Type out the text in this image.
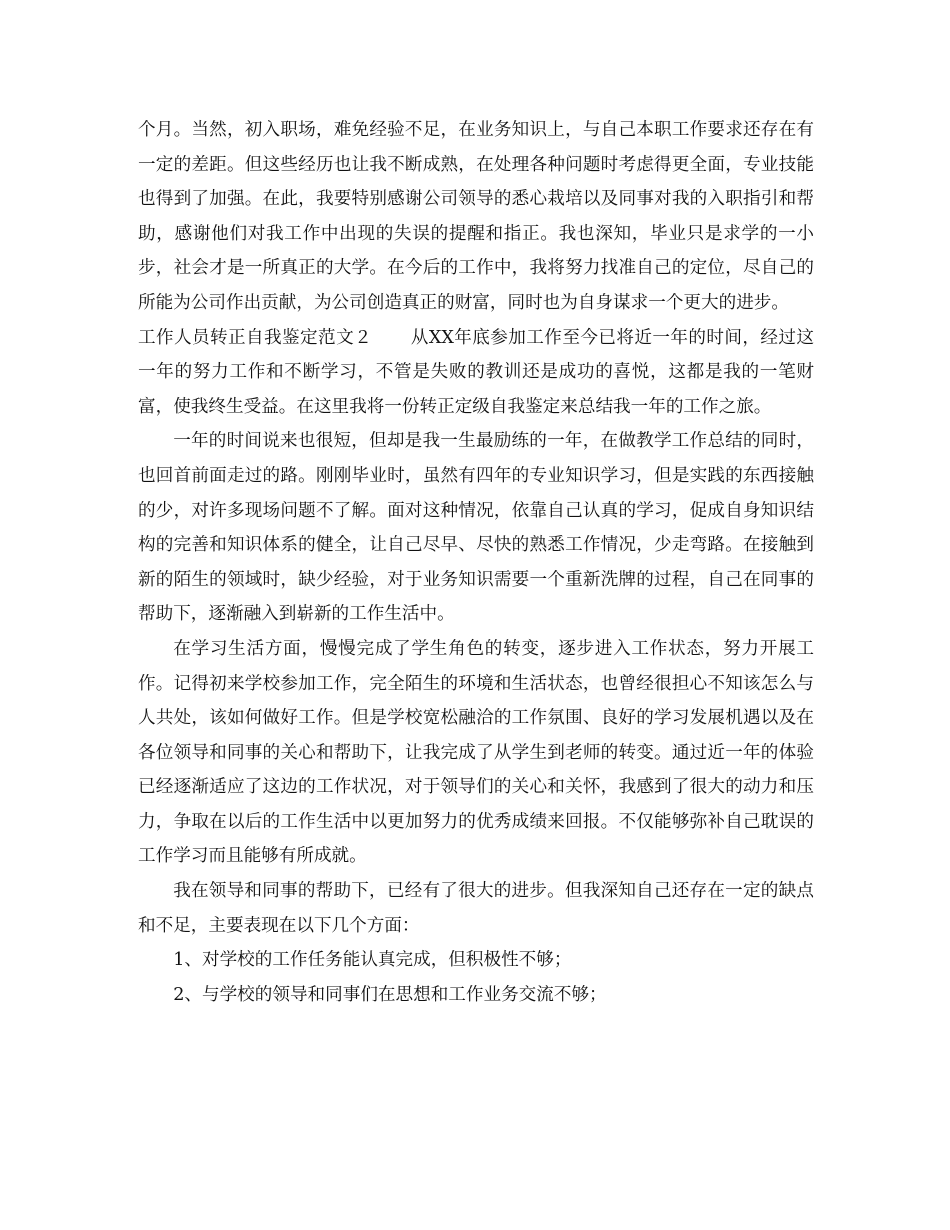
个月。当然，初入职场，难免经验不足，在业务知识上，与自己本职工作要求还存在有一定的差距。但这些经历也让我不断成熟，在处理各种问题时考虑得更全面，专业技能也得到了加强。在此，我要特别感谢公司领导的悉心栽培以及同事对我的入职指引和帮助，感谢他们对我工作中出现的失误的提醒和指正。我也深知，毕业只是求学的一小步，社会才是一所真正的大学。在今后的工作中，我将努力找准自己的定位，尽自己的所能为公司作出贡献，为公司创造真正的财富，同时也为自身谋求一个更大的进步。

工作人员转正自我鉴定范文２ 从XX年底参加工作至今已将近一年的时间，经过这一年的努力工作和不断学习，不管是失败的教训还是成功的喜悦，这都是我的一笔财富，使我终生受益。在这里我将一份转正定级自我鉴定来总结我一年的工作之旅。

一年的时间说来也很短，但却是我一生最励练的一年，在做教学工作总结的同时，也回首前面走过的路。刚刚毕业时，虽然有四年的专业知识学习，但是实践的东西接触的少，对许多现场问题不了解。面对这种情况，依靠自己认真的学习，促成自身知识结构的完善和知识体系的健全，让自己尽早、尽快的熟悉工作情况，少走弯路。在接触到新的陌生的领域时，缺少经验，对于业务知识需要一个重新洗牌的过程，自己在同事的帮助下，逐渐融入到崭新的工作生活中。

在学习生活方面，慢慢完成了学生角色的转变，逐步进入工作状态，努力开展工作。记得初来学校参加工作，完全陌生的环境和生活状态，也曾经很担心不知该怎么与人共处，该如何做好工作。但是学校宽松融洽的工作氛围、良好的学习发展机遇以及在各位领导和同事的关心和帮助下，让我完成了从学生到老师的转变。通过近一年的体验已经逐渐适应了这边的工作状况，对于领导们的关心和关怀，我感到了很大的动力和压力，争取在以后的工作生活中以更加努力的优秀成绩来回报。不仅能够弥补自己耽误的工作学习而且能够有所成就。

我在领导和同事的帮助下，已经有了很大的进步。但我深知自己还存在一定的缺点和不足，主要表现在以下几个方面：

1、对学校的工作任务能认真完成，但积极性不够；

2、与学校的领导和同事们在思想和工作业务交流不够；
